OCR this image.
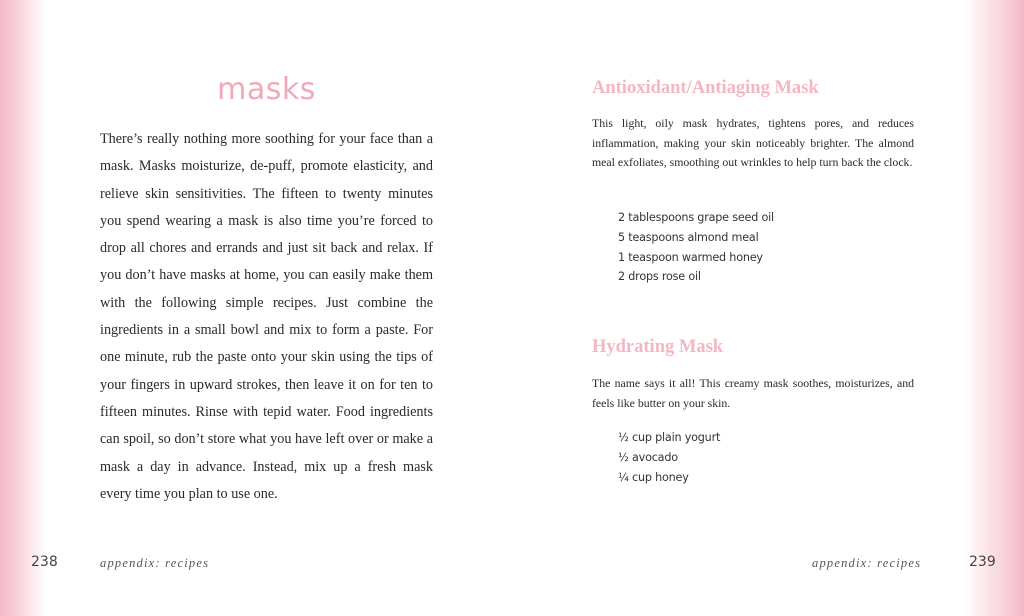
masks

There’s really nothing more soothing for your face than a mask. Masks moisturize, de-puff, promote elasticity, and relieve skin sensitivities. The fifteen to twenty minutes you spend wearing a mask is also time you’re forced to drop all chores and errands and just sit back and relax. If you don’t have masks at home, you can easily make them with the following simple recipes. Just combine the ingredients in a small bowl and mix to form a paste. For one minute, rub the paste onto your skin using the tips of your fingers in upward strokes, then leave it on for ten to fifteen minutes. Rinse with tepid water. Food ingredients can spoil, so don’t store what you have left over or make a mask a day in advance. Instead, mix up a fresh mask every time you plan to use one.

238	appendix: recipes

Antioxidant/Antiaging Mask

This light, oily mask hydrates, tightens pores, and reduces inflammation, making your skin noticeably brighter. The almond meal exfoliates, smoothing out wrinkles to help turn back the clock.

2 tablespoons grape seed oil
5 teaspoons almond meal
1 teaspoon warmed honey
2 drops rose oil
Hydrating Mask

The name says it all! This creamy mask soothes, moisturizes, and feels like butter on your skin.

½ cup plain yogurt
½ avocado
¼ cup honey

appendix: recipes	239
